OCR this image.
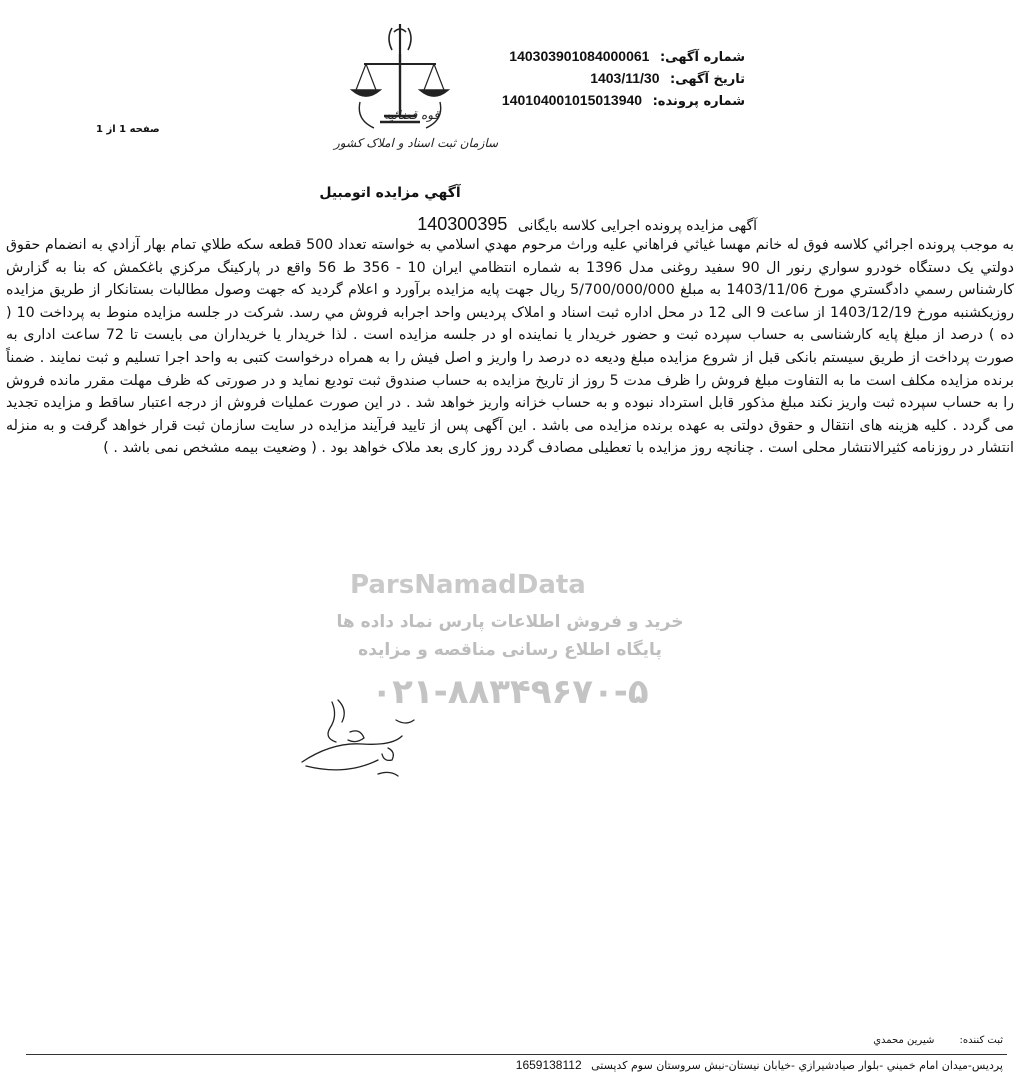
شماره آگهی: 140303901084000061
تاریخ آگهی: 1403/11/30
شماره پرونده: 140104001015013940
قوه قضائیه
سازمان ثبت اسناد و املاک کشور
صفحه 1 از 1
آگهي مزايده اتومبيل
آگهی مزایده پرونده اجرایی کلاسه بایگانی 140300395
به موجب پرونده اجرائي كلاسه فوق له خانم مهسا غياثي فراهاني عليه وراث مرحوم مهدي اسلامي به خواسته تعداد 500 قطعه سكه طلاي تمام بهار آزادي به انضمام حقوق دولتي يک دستگاه خودرو سواري رنور ال 90 سفيد روغنی مدل 1396 به شماره انتظامي ايران 10 - 356 ط 56 واقع در پاركينگ مركزي باغكمش كه بنا به گزارش كارشناس رسمي دادگستري مورخ 1403/11/06 به مبلغ 5/700/000/000 ريال جهت پايه مزايده برآورد و اعلام گرديد كه جهت وصول مطالبات بستانكار از طريق مزايده روزيكشنبه مورخ 1403/12/19 از ساعت 9 الی 12 در محل اداره ثبت اسناد و املاک پرديس واحد اجرابه فروش مي رسد. شرکت در جلسه مزايده منوط به پرداخت 10 ( ده ) درصد از مبلغ پايه کارشناسی به حساب سپرده ثبت و حضور خريدار يا نماينده او در جلسه مزايده است . لذا خريدار يا خريداران می بايست تا 72 ساعت اداری به صورت پرداخت از طريق سيستم بانکی قبل از شروع مزايده مبلغ وديعه ده درصد را واريز و اصل فيش را به همراه درخواست کتبی به واحد اجرا تسليم و ثبت نمايند . ضمناً برنده مزايده مکلف است ما به التفاوت مبلغ فروش را ظرف مدت 5 روز از تاريخ مزايده به حساب صندوق ثبت توديع نمايد و در صورتی که ظرف مهلت مقرر مانده فروش را به حساب سپرده ثبت واريز نکند مبلغ مذکور قابل استرداد نبوده و به حساب خزانه واريز خواهد شد . در اين صورت عمليات فروش از درجه اعتبار ساقط و مزايده تجديد می گردد . کليه هزينه های انتقال و حقوق دولتی به عهده برنده مزايده می باشد . اين آگهی پس از تاييد فرآيند مزايده در سايت سازمان ثبت قرار خواهد گرفت و به منزله انتشار در روزنامه کثيرالانتشار محلی است . چنانچه روز مزايده با تعطيلی مصادف گردد روز کاری بعد ملاک خواهد بود . ( وضعيت بيمه مشخص نمی باشد . )
ParsNamadData
خرید و فروش اطلاعات پارس نماد داده ها
پایگاه اطلاع رسانی مناقصه و مزایده
۰۲۱-۸۸۳۴۹۶۷۰-۵
ثبت كننده: شيرين محمدي
پرديس-ميدان امام خميني -بلوار صيادشيرازي -خيابان نيستان-نبش سروستان سوم كدپستی 1659138112
